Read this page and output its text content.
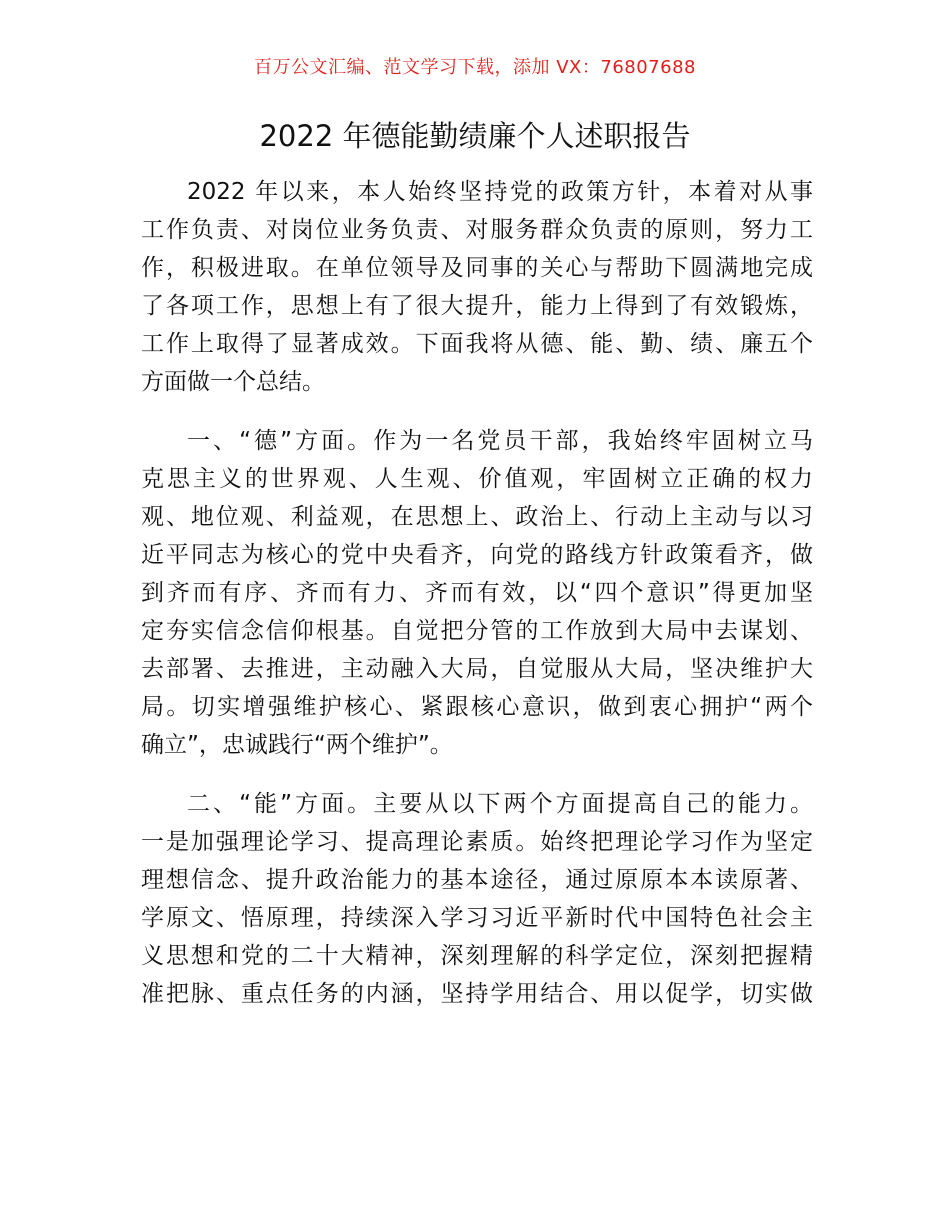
百万公文汇编、范文学习下载，添加 VX：76807688
2022 年德能勤绩廉个人述职报告
2022 年以来，本人始终坚持党的政策方针，本着对从事
工作负责、对岗位业务负责、对服务群众负责的原则，努力工
作，积极进取。在单位领导及同事的关心与帮助下圆满地完成
了各项工作，思想上有了很大提升，能力上得到了有效锻炼，
工作上取得了显著成效。下面我将从德、能、勤、绩、廉五个
方面做一个总结。
一、“德”方面。作为一名党员干部，我始终牢固树立马
克思主义的世界观、人生观、价值观，牢固树立正确的权力
观、地位观、利益观，在思想上、政治上、行动上主动与以习
近平同志为核心的党中央看齐，向党的路线方针政策看齐，做
到齐而有序、齐而有力、齐而有效，以“四个意识”得更加坚
定夯实信念信仰根基。自觉把分管的工作放到大局中去谋划、
去部署、去推进，主动融入大局，自觉服从大局，坚决维护大
局。切实增强维护核心、紧跟核心意识，做到衷心拥护“两个
确立”，忠诚践行“两个维护”。
二、“能”方面。主要从以下两个方面提高自己的能力。
一是加强理论学习、提高理论素质。始终把理论学习作为坚定
理想信念、提升政治能力的基本途径，通过原原本本读原著、
学原文、悟原理，持续深入学习习近平新时代中国特色社会主
义思想和党的二十大精神，深刻理解的科学定位，深刻把握精
准把脉、重点任务的内涵，坚持学用结合、用以促学，切实做
